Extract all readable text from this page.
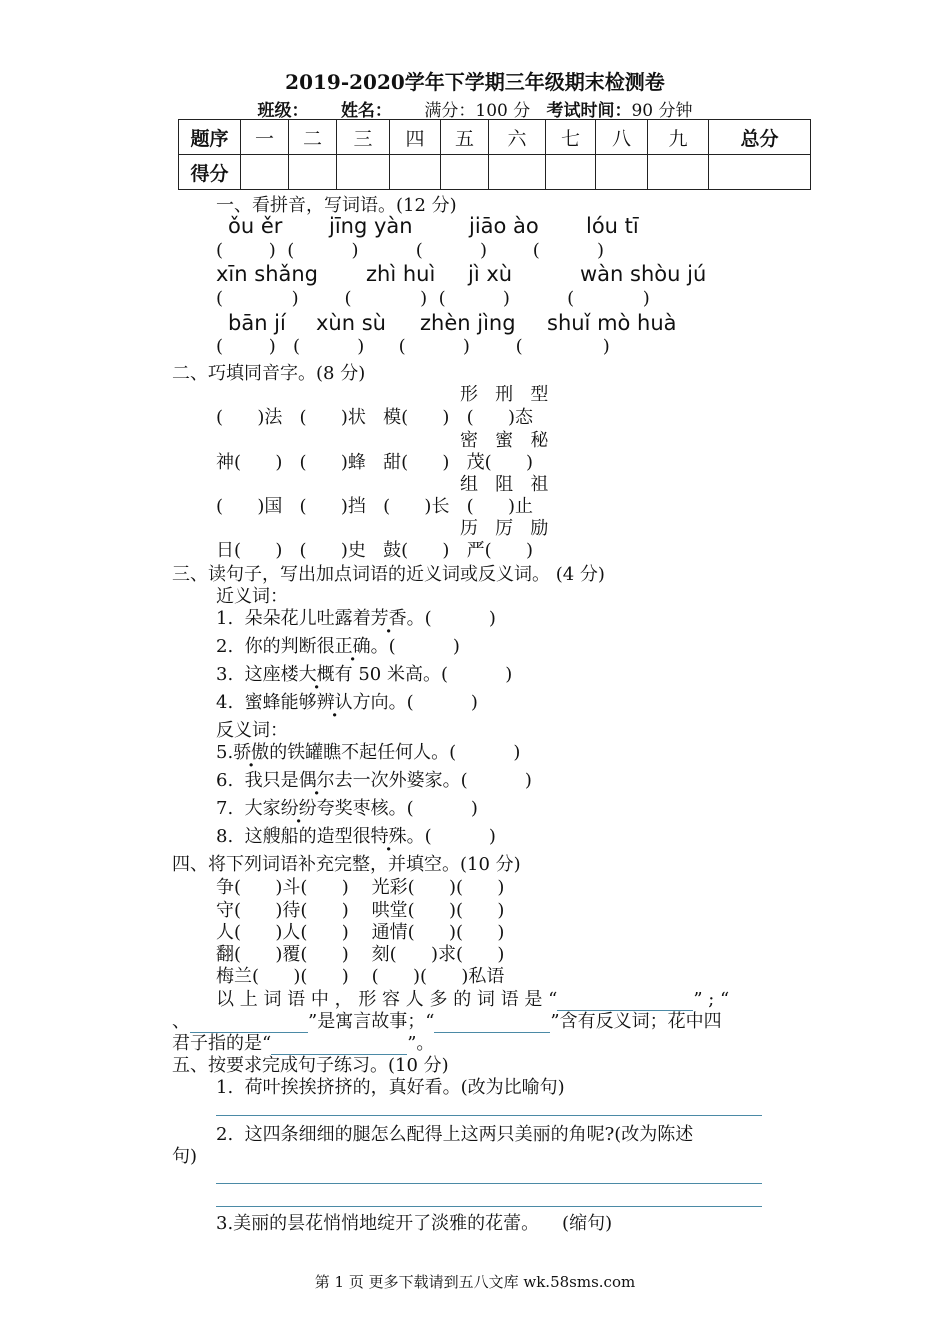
2019-2020学年下学期三年级期末检测卷
班级： 姓名： 满分：100 分 考试时间：90 分钟
题序	一	二	三	四	五	六	七	八	九	总分
得分										
一、看拼音，写词语。(12 分)
ǒu ěr jīng yàn	jiāo ào lóu tī
(        )  (          )          (          )        (          )
xīn shǎng zhì huì jì xù	wàn shòu jú
(            )        (            )  (          )          (            )
bān jí xùn sù zhèn jìng shuǐ mò huà
(        )   (          )      (          )        (              )
二、巧填同音字。(8 分)
形   刑   型
(      )法   (      )状   模(      )   (      )态
密   蜜   秘
神(      )   (      )蜂   甜(      )   茂(      )
组   阻   祖
(      )国   (      )挡   (      )长   (      )止
历   厉   励
日(      )   (      )史   鼓(      )   严(      )
三、读句子，写出加点词语的近义词或反义词。 (4 分)
近义词：
1.  朵朵花儿吐露着芳香。(          )
2.  你的判断很正确。(          )
3.  这座楼大概有 50 米高。(          )
4.  蜜蜂能够辨认方向。(          )
反义词：
5.骄傲的铁罐瞧不起任何人。(          )
6.  我只是偶尔去一次外婆家。(          )
7.  大家纷纷夸奖枣核。(          )
8.  这艘船的造型很特殊。(          )
四、将下列词语补充完整，并填空。(10 分)
争(      )斗(      )    光彩(      )(      )
守(      )待(      )    哄堂(      )(      )
人(      )人(      )    通情(      )(      )
翻(      )覆(      )    刻(      )求(      )
梅兰(      )(      )    (      )(      )私语
以 上 词 语 中 ， 形 容 人 多 的 词 语 是 “	” ; “
、	”是寓言故事；“	”含有反义词；花中四
君子指的是“	”。
五、按要求完成句子练习。(10 分)
1.  荷叶挨挨挤挤的，真好看。(改为比喻句)
2.  这四条细细的腿怎么配得上这两只美丽的角呢?(改为陈述
句)
3.美丽的昙花悄悄地绽开了淡雅的花蕾。    (缩句)
第 1 页 更多下载请到五八文库 wk.58sms.com
